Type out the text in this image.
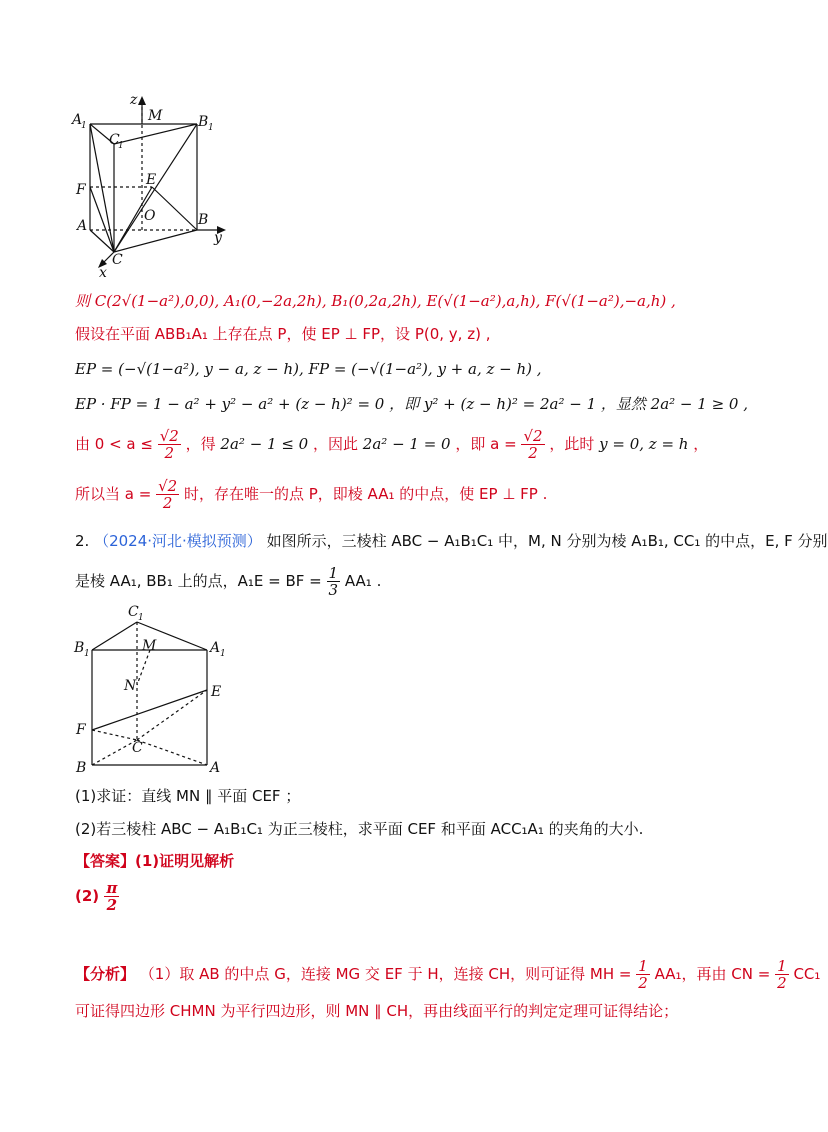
A
1	B 1
C
1
M
z
F
E
O
A	B
C
x
y
则 C(2√(1−a²),0,0), A₁(0,−2a,2h), B₁(0,2a,2h), E(√(1−a²),a,h), F(√(1−a²),−a,h) ,
假设在平面 ABB₁A₁ 上存在点 P，使 EP ⊥ FP，设 P(0, y, z) ,
EP = (−√(1−a²), y − a, z − h), FP = (−√(1−a²), y + a, z − h) ,
EP · FP = 1 − a² + y² − a² + (z − h)² = 0 ，即 y² + (z − h)² = 2a² − 1 ，显然 2a² − 1 ≥ 0 ,
由 $0 < a \le \frac{√2}{2}$ ，得 2a² − 1 ≤ 0 ，因此 2a² − 1 = 0 ，即 $a = \frac{√2}{2}$ ，此时 y = 0, z = h ，
所以当 $a = \frac{√2}{2}$ 时，存在唯一的点 P，即棱 AA₁ 的中点，使 EP ⊥ FP .
2. （2024·河北·模拟预测） 如图所示，三棱柱 ABC − A₁B₁C₁ 中，M, N 分别为棱 A₁B₁, CC₁ 的中点，E, F 分别
是棱 AA₁, BB₁ 上的点，A₁E = BF = $\frac{1}{3} AA_1$ .
C 1
B 1	A 1
M
N	E
F
C
B	A
(1)求证：直线 MN ∥ 平面 CEF ；
(2)若三棱柱 ABC − A₁B₁C₁ 为正三棱柱，求平面 CEF 和平面 ACC₁A₁ 的夹角的大小.
【答案】(1)证明见解析
$(2) \frac{\pi}{2}$
【分析】 （1）取 AB 的中点 G，连接 MG 交 EF 于 H，连接 CH，则可证得 MH = $\frac{1}{2} AA_1$，再由 CN = $\frac{1}{2} CC_1$
可证得四边形 CHMN 为平行四边形，则 MN ∥ CH，再由线面平行的判定定理可证得结论；
